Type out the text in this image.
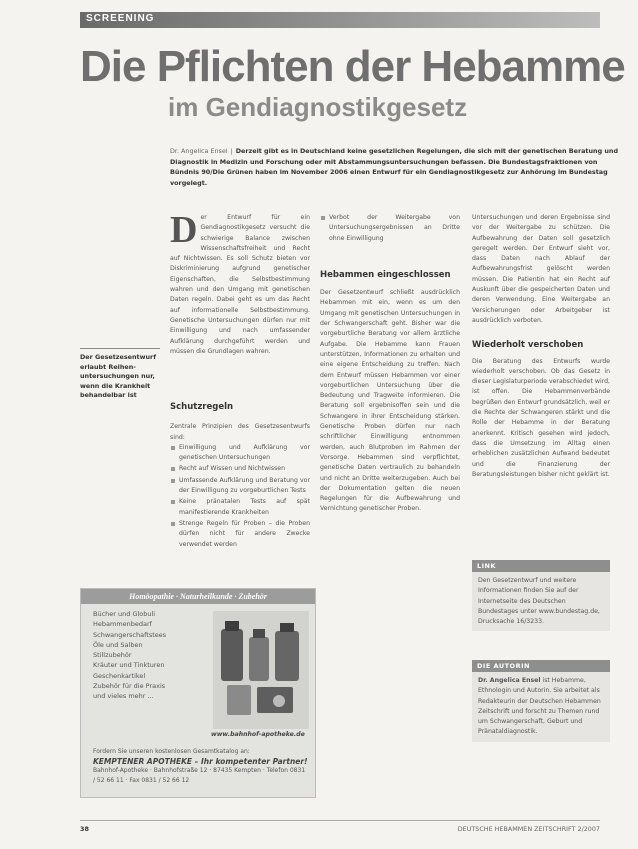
SCREENING
Die Pflichten der Hebamme
im Gendiagnostikgesetz
Dr. Angelica Ensel | Derzeit gibt es in Deutschland keine gesetzlichen Regelungen, die sich mit der genetischen Beratung und Diagnostik in Medizin und Forschung oder mit Abstammungsuntersuchungen befassen. Die Bundestagsfraktionen von Bündnis 90/Die Grünen haben im November 2006 einen Entwurf für ein Gendiagnostikgesetz zur Anhörung im Bundestag vorgelegt.

Der Entwurf für ein Gendiagnostikgesetz versucht die schwierige Balance zwischen Wissenschaftsfreiheit und Recht auf Nichtwissen. Es soll Schutz bieten vor Diskriminierung aufgrund genetischer Eigenschaften, die Selbstbestimmung wahren und den Umgang mit genetischen Daten regeln. Dabei geht es um das Recht auf informationelle Selbstbestimmung. Genetische Untersuchungen dürfen nur mit Einwilligung und nach umfassender Aufklärung durchgeführt werden und müssen die Grundlagen wahren.

Der Gesetzesentwurf erlaubt Reihenuntersuchungen nur, wenn die Krankheit behandelbar ist

Schutzregeln

Zentrale Prinzipien des Gesetzesentwurfs sind:

Einwilligung und Aufklärung vor genetischen Untersuchungen
Recht auf Wissen und Nichtwissen
Umfassende Aufklärung und Beratung vor der Einwilligung zu vorgeburtlichen Tests
Keine pränatalen Tests auf spät manifestierende Krankheiten
Strenge Regeln für Proben – die Proben dürfen nicht für andere Zwecke verwendet werden
Verbot der Weitergabe von Untersuchungsergebnissen an Dritte ohne Einwilligung

Hebammen eingeschlossen

Der Gesetzentwurf schließt ausdrücklich Hebammen mit ein, wenn es um den Umgang mit genetischen Untersuchungen in der Schwangerschaft geht. Bisher war die vorgeburtliche Beratung vor allem ärztliche Aufgabe. Die Hebamme kann Frauen unterstützen, Informationen zu erhalten und eine eigene Entscheidung zu treffen. Nach dem Entwurf müssen Hebammen vor einer vorgeburtlichen Untersuchung über die Bedeutung und Tragweite informieren. Die Beratung soll ergebnisoffen sein und die Schwangere in ihrer Entscheidung stärken. Genetische Proben dürfen nur nach schriftlicher Einwilligung entnommen werden, auch Blutproben im Rahmen der Vorsorge. Hebammen sind verpflichtet, genetische Daten vertraulich zu behandeln und nicht an Dritte weiterzugeben. Auch bei der Dokumentation gelten die neuen Regelungen für die Aufbewahrung und Vernichtung genetischer Proben.

Untersuchungen und deren Ergebnisse sind vor der Weitergabe zu schützen. Die Aufbewahrung der Daten soll gesetzlich geregelt werden. Der Entwurf sieht vor, dass Daten nach Ablauf der Aufbewahrungsfrist gelöscht werden müssen. Die Patientin hat ein Recht auf Auskunft über die gespeicherten Daten und deren Verwendung. Eine Weitergabe an Versicherungen oder Arbeitgeber ist ausdrücklich verboten.

Wiederholt verschoben

Die Beratung des Entwurfs wurde wiederholt verschoben. Ob das Gesetz in dieser Legislaturperiode verabschiedet wird, ist offen. Die Hebammenverbände begrüßen den Entwurf grundsätzlich, weil er die Rechte der Schwangeren stärkt und die Rolle der Hebamme in der Beratung anerkennt. Kritisch gesehen wird jedoch, dass die Umsetzung im Alltag einen erheblichen zusätzlichen Aufwand bedeutet und die Finanzierung der Beratungsleistungen bisher nicht geklärt ist.

Homöopathie · Naturheilkunde · Zubehör
Bücher und Globuli
Hebammenbedarf
Schwangerschaftstees
Öle und Salben
Stillzubehör
Kräuter und Tinkturen
Geschenkartikel
Zubehör für die Praxis
und vieles mehr ...
www.bahnhof-apotheke.de
Fordern Sie unseren kostenlosen Gesamtkatalog an:
KEMPTENER APOTHEKE – Ihr kompetenter Partner!
Bahnhof-Apotheke · Bahnhofstraße 12 · 87435 Kempten · Telefon 0831 / 52 66 11 · Fax 0831 / 52 66 12
LINK
Den Gesetzentwurf und weitere Informationen finden Sie auf der Internetseite des Deutschen Bundestages unter www.bundestag.de, Drucksache 16/3233.
DIE AUTORIN
Dr. Angelica Ensel ist Hebamme, Ethnologin und Autorin. Sie arbeitet als Redakteurin der Deutschen Hebammen Zeitschrift und forscht zu Themen rund um Schwangerschaft, Geburt und Pränataldiagnostik.
38	DEUTSCHE HEBAMMEN ZEITSCHRIFT 2/2007
